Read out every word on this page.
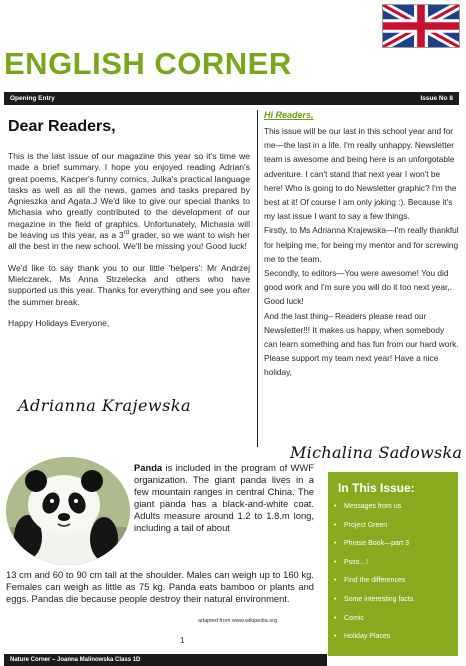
ENGLISH CORNER
Opening Entry	Issue No 8
Dear Readers,

This is the last issue of our magazine this year so it's time we made a brief summary. I hope you enjoyed reading Adrian's great poems, Kacper's funny comics, Julka's practical language tasks as well as all the news, games and tasks prepared by Agnieszka and Agata.J We'd like to give our special thanks to Michasia who greatly contributed to the development of our magazine in the field of graphics. Unfortunately, Michasia will be leaving us this year, as a 3rd grader, so we want to wish her all the best in the new school. We'll be missing you! Good luck!

We'd like to say thank you to our little 'helpers': Mr Andrzej Mielczarek, Ms Anna Strzelecka and others who have supported us this year. Thanks for everything and see you after the summer break.

Happy Holidays Everyone,

Adrianna Krajewska
Hi Readers,
This issue will be our last in this school year and for me—the last in a life. I'm really unhappy. Newsletter team is awesome and being here is an unforgotable adventure. I can't stand that next year I won't be here! Who is going to do Newsletter graphic? I'm the best at it! Of course I am only joking :). Because it's my last issue I want to say a few things.
Firstly, to Ms Adrianna Krajewska—I'm really thankful for helping me, for being my mentor and for screwing me to the team.
Secondly, to editors—You were awesome! You did good work and I'm sure you will do it too next year,. Good luck!
And the last thing– Readers please read our Newsletter!!! It makes us happy, when somebody can learn something and has fun from our hard work. Please support my team next year! Have a nice holiday,
Michalina Sadowska
Panda is included in the program of WWF organization. The giant panda lives in a few mountain ranges in central China. The giant panda has a black-and-white coat. Adults measure around 1.2 to 1.8.m long, including a tail of about
13 cm and 60 to 90 cm tall at the shoulder. Males can weigh up to 160 kg. Females can weigh as little as 75 kg. Panda eats bamboo or plants and eggs. Pandas die because people destroy their natural environment.
adapted from www.wikipedia.org
1
In This Issue:
• Messages from us
• Project Green
• Phrase Book—part 3
• Psss…!
• Find the differences
• Some interesting facts
• Comic
• Holiday Places
Nature Corner – Joanna Malinowska Class 1D
